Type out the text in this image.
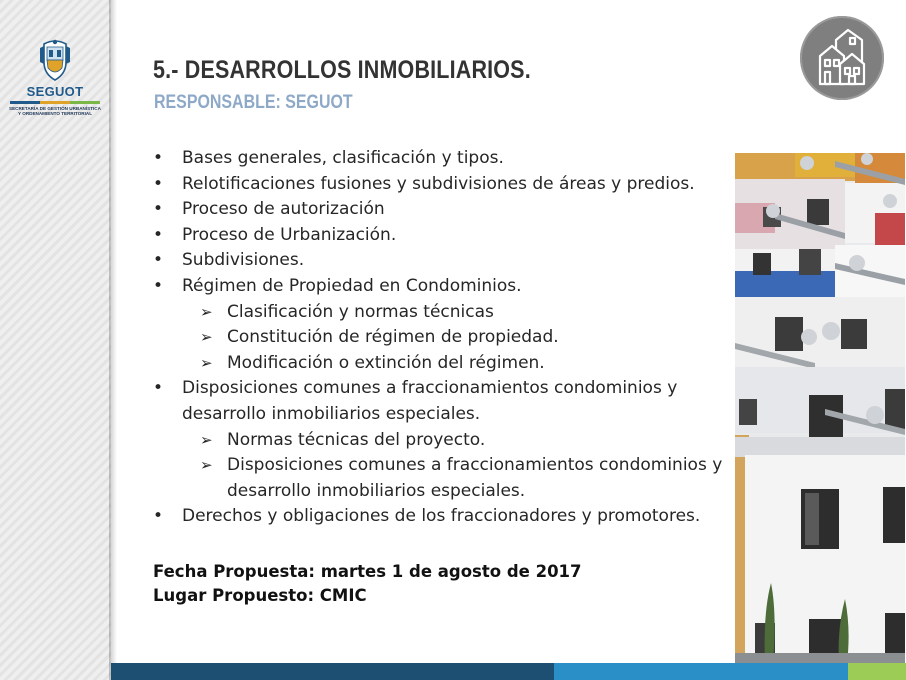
SEGUOT
SECRETARÍA DE GESTIÓN URBANÍSTICA
Y ORDENAMIENTO TERRITORIAL
5.- DESARROLLOS INMOBILIARIOS.
RESPONSABLE: SEGUOT
•	Bases generales, clasificación y tipos.
•	Relotificaciones fusiones y subdivisiones de áreas y predios.
•	Proceso de autorización
•	Proceso de Urbanización.
•	Subdivisiones.
•	Régimen de Propiedad en Condominios.
➢ Clasificación y normas técnicas
➢ Constitución de régimen de propiedad.
➢ Modificación o extinción del régimen.
•	Disposiciones comunes a fraccionamientos condominios y desarrollo inmobiliarios especiales.
➢ Normas técnicas del proyecto.
➢ Disposiciones comunes a fraccionamientos condominios y desarrollo inmobiliarios especiales.
•	Derechos y obligaciones de los fraccionadores y promotores.
Fecha Propuesta: martes 1 de agosto de 2017
Lugar Propuesto: CMIC
